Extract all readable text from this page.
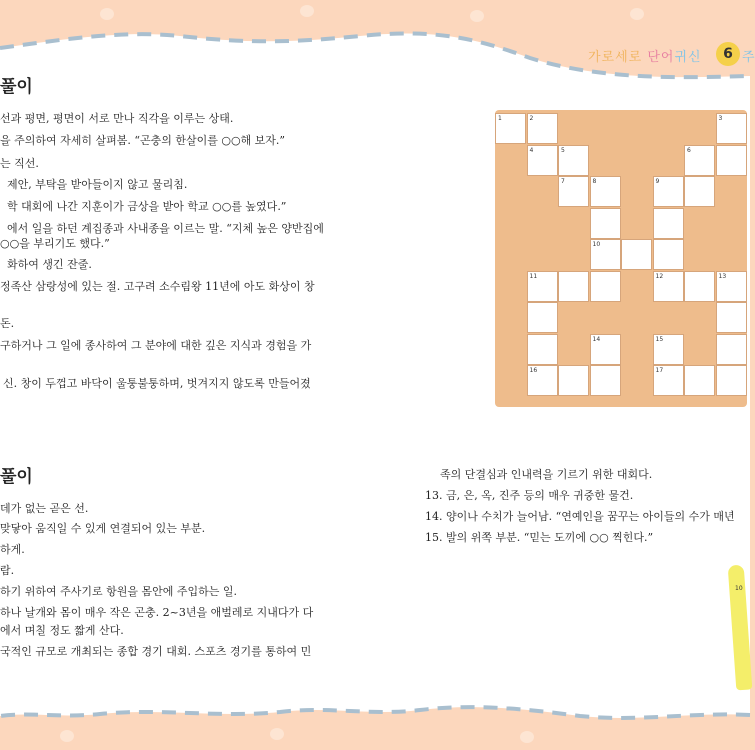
가로세로 단어귀신	6 주
풀이
선과 평면, 평면이 서로 만나 직각을 이루는 상태.
을 주의하여 자세히 살펴봄. “곤충의 한살이를 ○○해 보자.”
는 직선.
제안, 부탁을 받아들이지 않고 물리침.
학 대회에 나간 지훈이가 금상을 받아 학교 ○○를 높였다.”
에서 일을 하던 계집종과 사내종을 이르는 말. “지체 높은 양반집에
○○을 부리기도 했다.”
화하여 생긴 잔줄.
정족산 삼랑성에 있는 절. 고구려 소수림왕 11년에 아도 화상이 창
돈.
구하거나 그 일에 종사하여 그 분야에 대한 깊은 지식과 경험을 가
신. 창이 두껍고 바닥이 울퉁불퉁하며, 벗겨지지 않도록 만들어졌
풀이
데가 없는 곧은 선.
맞닿아 움직일 수 있게 연결되어 있는 부분.
하게.
람.
하기 위하여 주사기로 항원을 몸안에 주입하는 일.
하나 날개와 몸이 매우 작은 곤충. 2~3년을 애벌레로 지내다가 다
에서 며칠 정도 짧게 산다.
국적인 규모로 개최되는 종합 경기 대회. 스포츠 경기를 통하여 민
족의 단결심과 인내력을 기르기 위한 대회다.
13. 금, 은, 옥, 진주 등의 매우 귀중한 물건.
14. 양이나 수치가 늘어남. “연예인을 꿈꾸는 아이들의 수가 매년
15. 발의 위쪽 부분. “믿는 도끼에 ○○ 찍힌다.”
1	2	3
4	5	6
7	8	9
10
11	12	13
14	15
16	17
10
